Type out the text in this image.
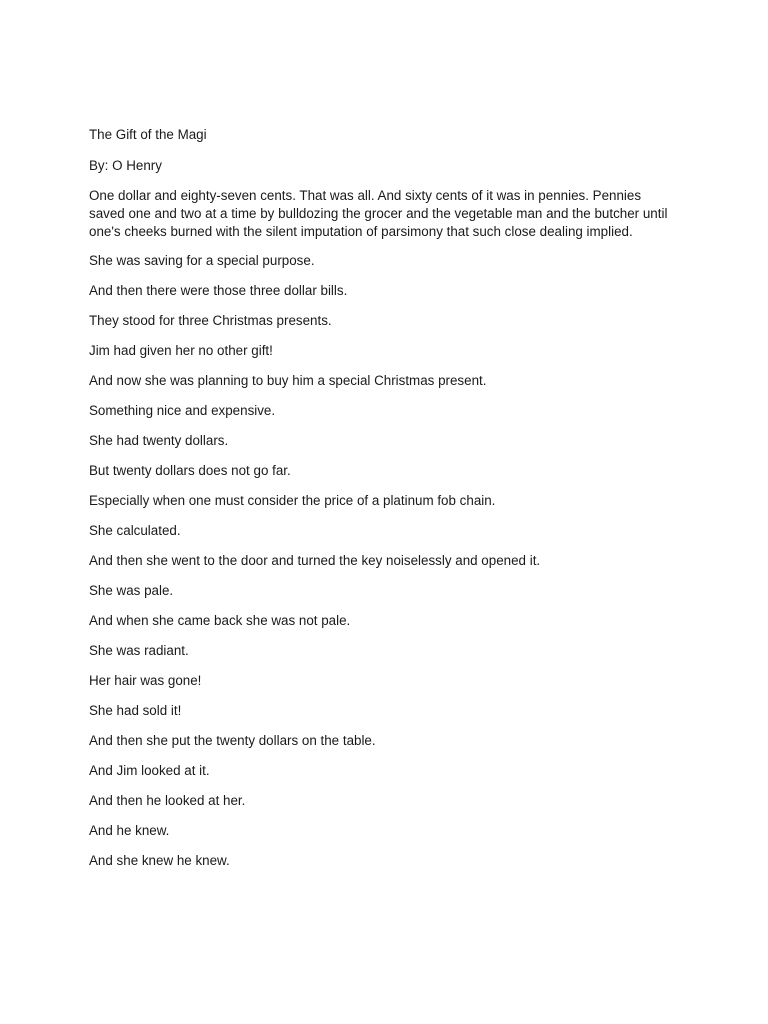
The Gift of the Magi

By: O Henry

One dollar and eighty-seven cents. That was all. And sixty cents of it was in pennies. Pennies saved one and two at a time by bulldozing the grocer and the vegetable man and the butcher until one's cheeks burned with the silent imputation of parsimony that such close dealing implied.

She was saving for a special purpose.

And then there were those three dollar bills.

They stood for three Christmas presents.

Jim had given her no other gift!

And now she was planning to buy him a special Christmas present.

Something nice and expensive.

She had twenty dollars.

But twenty dollars does not go far.

Especially when one must consider the price of a platinum fob chain.

She calculated.

And then she went to the door and turned the key noiselessly and opened it.

She was pale.

And when she came back she was not pale.

She was radiant.

Her hair was gone!

She had sold it!

And then she put the twenty dollars on the table.

And Jim looked at it.

And then he looked at her.

And he knew.

And she knew he knew.
